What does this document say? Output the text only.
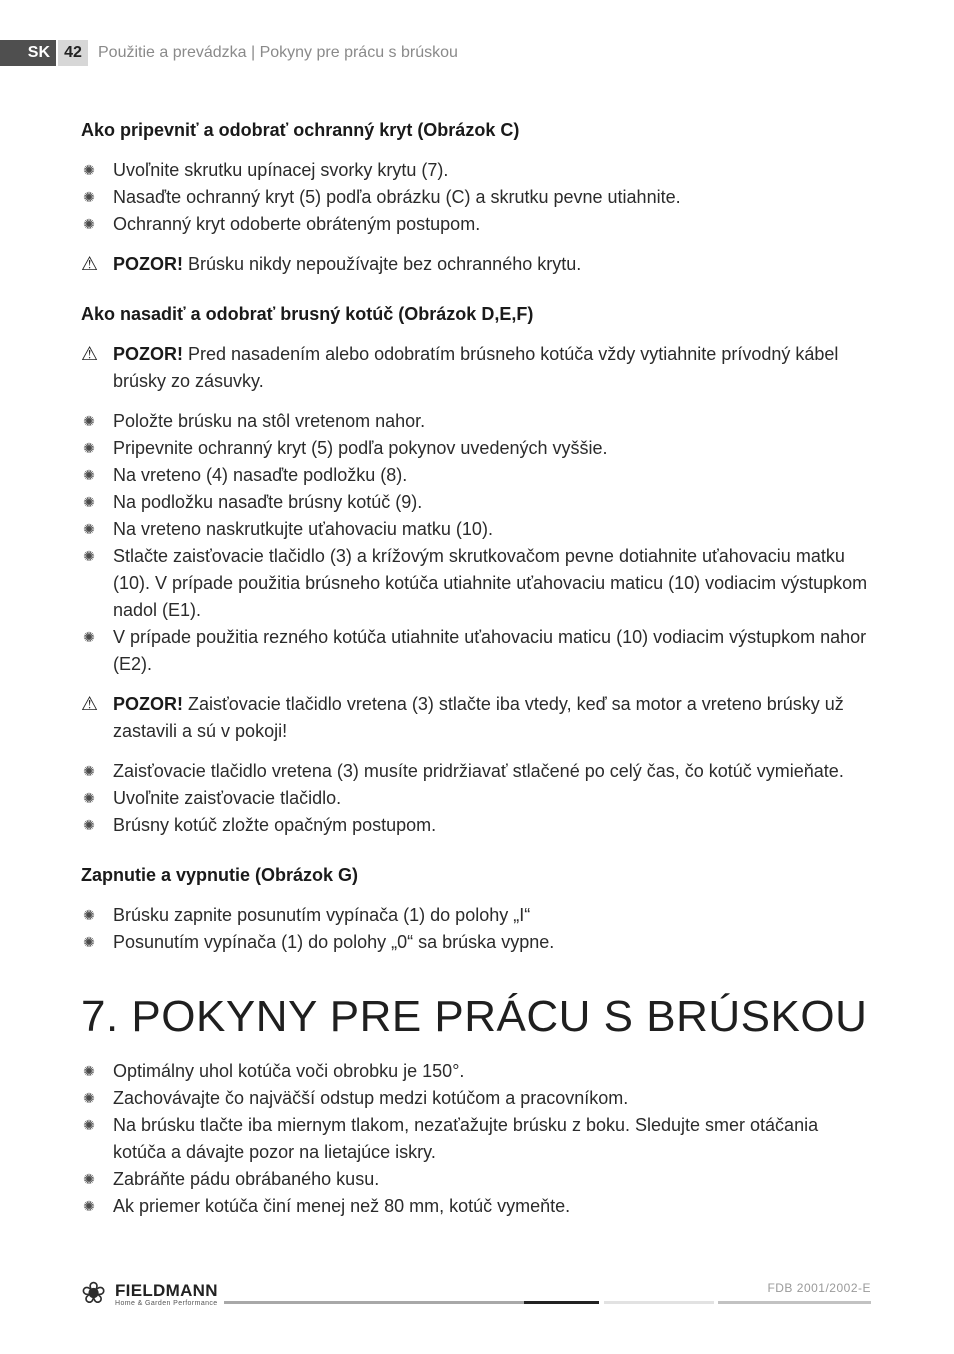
SK 42	Použitie a prevádzka | Pokyny pre prácu s brúskou
Ako pripevniť a odobrať ochranný kryt (Obrázok C)
✺ Uvoľnite skrutku upínacej svorky krytu (7).
✺ Nasaďte ochranný kryt (5) podľa obrázku (C) a skrutku pevne utiahnite.
✺ Ochranný kryt odoberte obráteným postupom.
⚠ POZOR! Brúsku nikdy nepoužívajte bez ochranného krytu.
Ako nasadiť a odobrať brusný kotúč (Obrázok D,E,F)
⚠ POZOR! Pred nasadením alebo odobratím brúsneho kotúča vždy vytiahnite prívodný kábel brúsky zo zásuvky.
✺ Položte brúsku na stôl vretenom nahor.
✺ Pripevnite ochranný kryt (5) podľa pokynov uvedených vyššie.
✺ Na vreteno (4) nasaďte podložku (8).
✺ Na podložku nasaďte brúsny kotúč (9).
✺ Na vreteno naskrutkujte uťahovaciu matku (10).
✺ Stlačte zaisťovacie tlačidlo (3) a krížovým skrutkovačom pevne dotiahnite uťahovaciu matku (10). V prípade použitia brúsneho kotúča utiahnite uťahovaciu maticu (10) vodiacim výstupkom nadol (E1).
✺ V prípade použitia rezného kotúča utiahnite uťahovaciu maticu (10) vodiacim výstupkom nahor (E2).
⚠ POZOR! Zaisťovacie tlačidlo vretena (3) stlačte iba vtedy, keď sa motor a vreteno brúsky už zastavili a sú v pokoji!
✺ Zaisťovacie tlačidlo vretena (3) musíte pridržiavať stlačené po celý čas, čo kotúč vymieňate.
✺ Uvoľnite zaisťovacie tlačidlo.
✺ Brúsny kotúč zložte opačným postupom.
Zapnutie a vypnutie (Obrázok G)
✺ Brúsku zapnite posunutím vypínača (1) do polohy „I“
✺ Posunutím vypínača (1) do polohy „0“ sa brúska vypne.
7. POKYNY PRE PRÁCU S BRÚSKOU
✺ Optimálny uhol kotúča voči obrobku je 150°.
✺ Zachovávajte čo najväčší odstup medzi kotúčom a pracovníkom.
✺ Na brúsku tlačte iba miernym tlakom, nezaťažujte brúsku z boku. Sledujte smer otáčania kotúča a dávajte pozor na lietajúce iskry.
✺ Zabráňte pádu obrábaného kusu.
✺ Ak priemer kotúča činí menej než 80 mm, kotúč vymeňte.
❀ FIELDMANN
Home & Garden Performance
FDB 2001/2002-E
